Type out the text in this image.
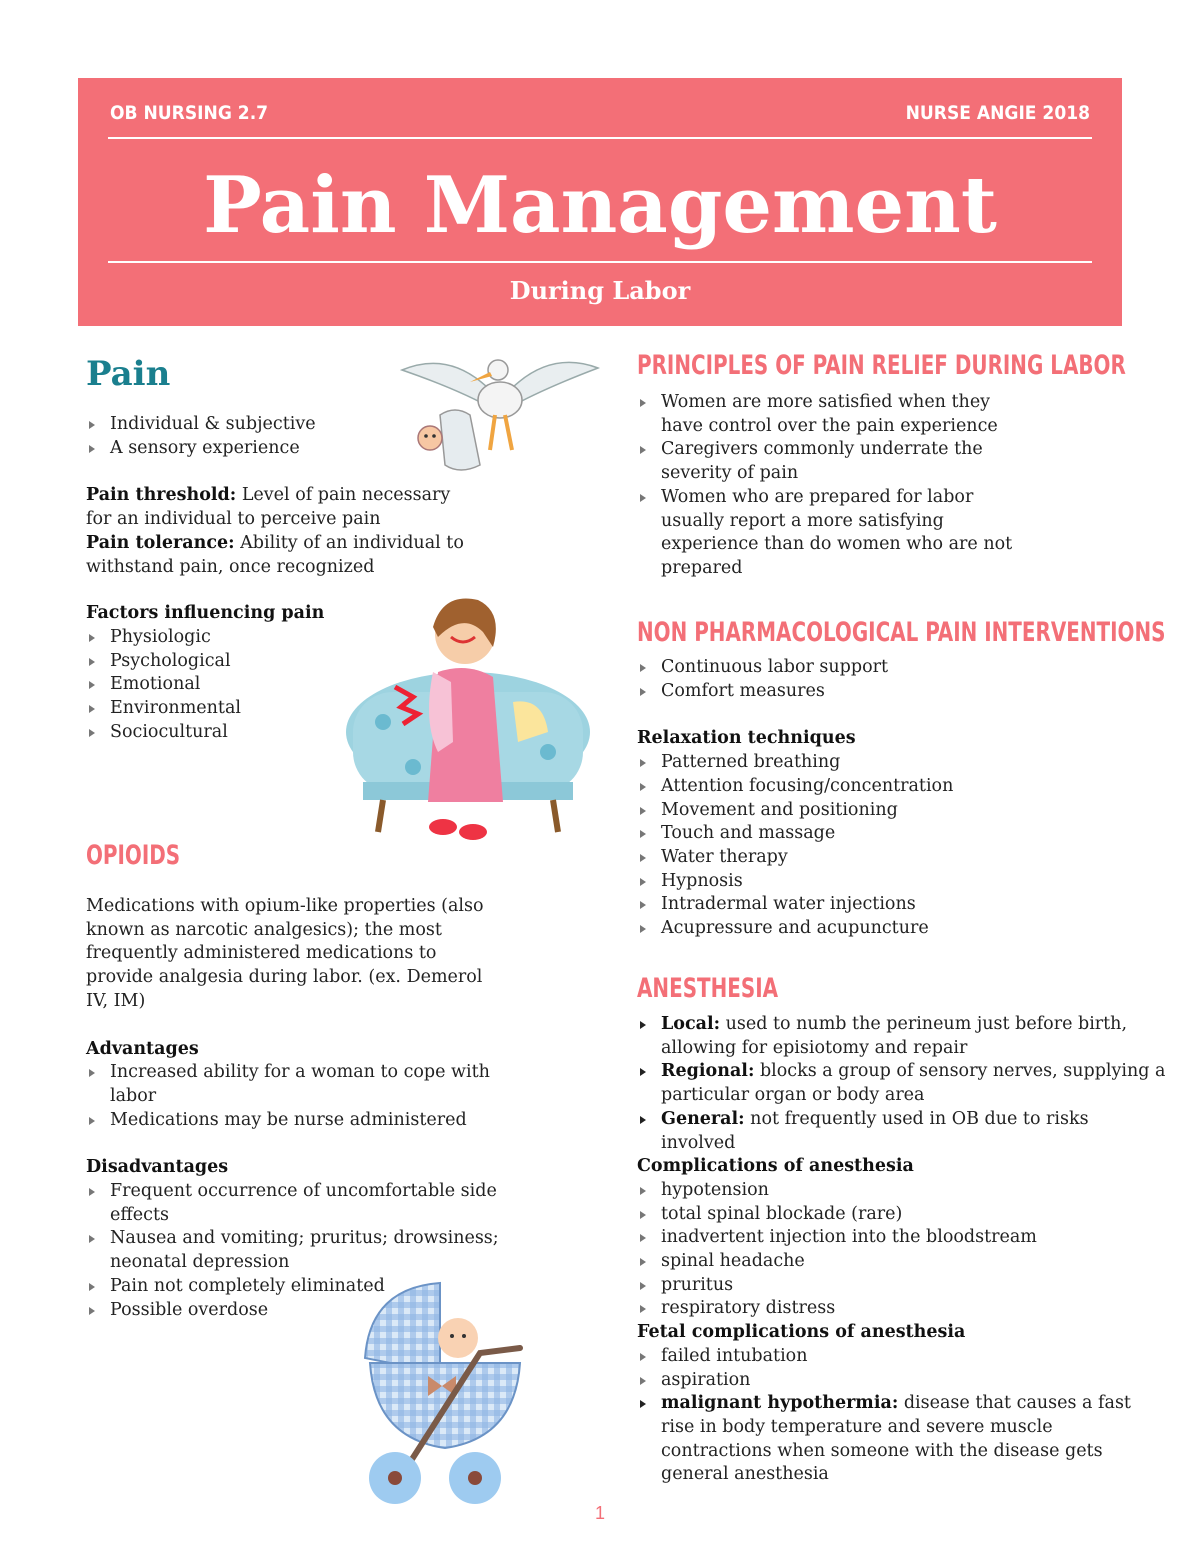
OB NURSING 2.7	NURSE ANGIE 2018
Pain Management
During Labor
Pain
Individual & subjective
A sensory experience

Pain threshold: Level of pain necessary for an individual to perceive pain

Pain tolerance: Ability of an individual to withstand pain, once recognized

Factors influencing pain

Physiologic
Psychological
Emotional
Environmental
Sociocultural
OPIOIDS

Medications with opium-like properties (also known as narcotic analgesics); the most frequently administered medications to provide analgesia during labor. (ex. Demerol IV, IM)

Advantages

Increased ability for a woman to cope with labor
Medications may be nurse administered

Disadvantages

Frequent occurrence of uncomfortable side effects
Nausea and vomiting; pruritus; drowsiness; neonatal depression
Pain not completely eliminated
Possible overdose
PRINCIPLES OF PAIN RELIEF DURING LABOR
Women are more satisfied when they have control over the pain experience
Caregivers commonly underrate the severity of pain
Women who are prepared for labor usually report a more satisfying experience than do women who are not prepared
NON PHARMACOLOGICAL PAIN INTERVENTIONS
Continuous labor support
Comfort measures

Relaxation techniques

Patterned breathing
Attention focusing/concentration
Movement and positioning
Touch and massage
Water therapy
Hypnosis
Intradermal water injections
Acupressure and acupuncture
ANESTHESIA
Local: used to numb the perineum just before birth, allowing for episiotomy and repair
Regional: blocks a group of sensory nerves, supplying a particular organ or body area
General: not frequently used in OB due to risks involved

Complications of anesthesia

hypotension
total spinal blockade (rare)
inadvertent injection into the bloodstream
spinal headache
pruritus
respiratory distress

Fetal complications of anesthesia

failed intubation
aspiration
malignant hypothermia: disease that causes a fast rise in body temperature and severe muscle contractions when someone with the disease gets general anesthesia
1
